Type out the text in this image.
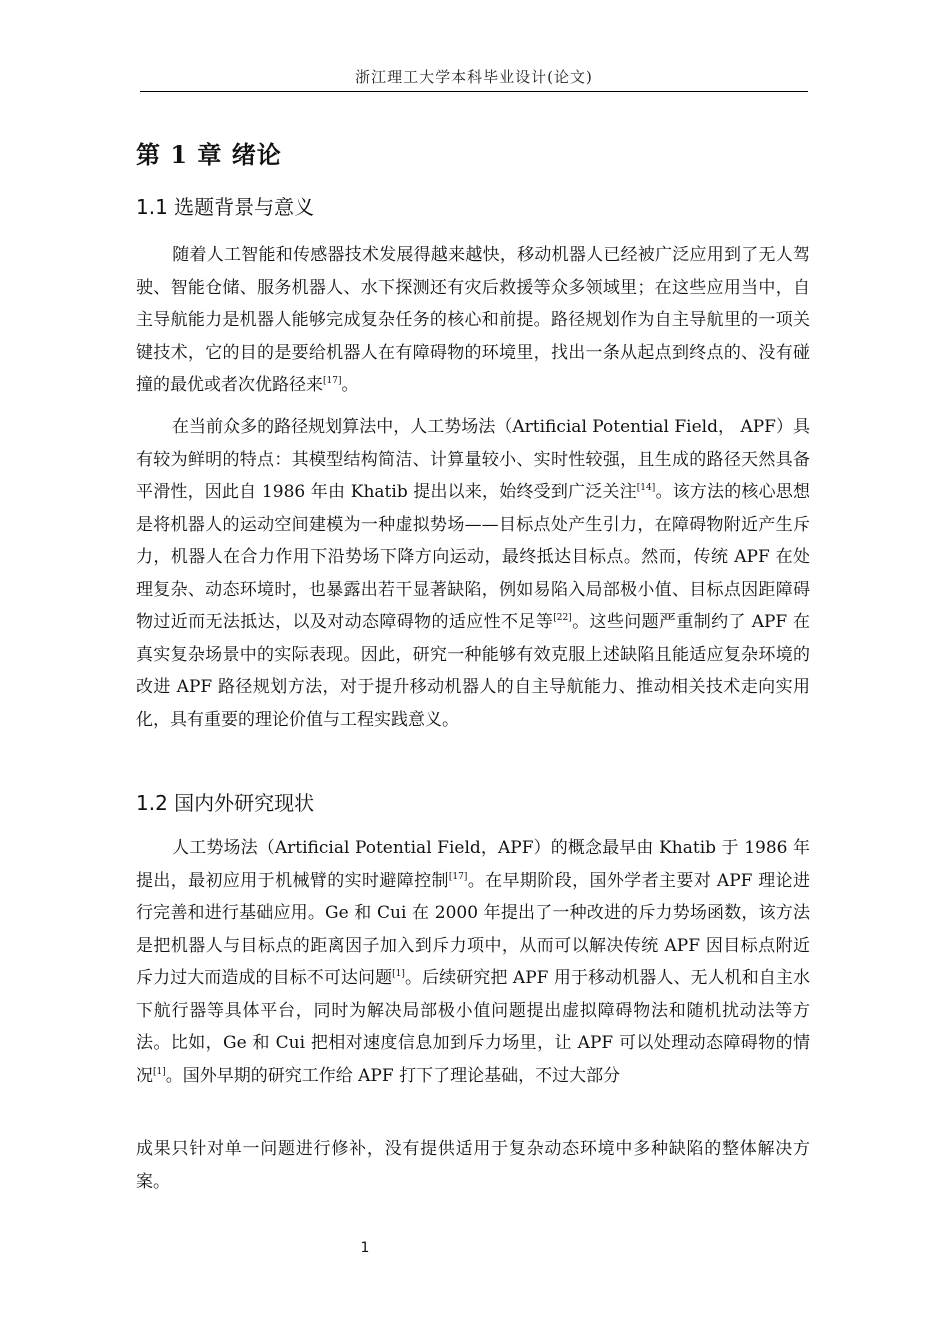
浙江理工大学本科毕业设计(论文)
第 1 章 绪论
1.1 选题背景与意义

随着人工智能和传感器技术发展得越来越快，移动机器人已经被广泛应用到了无人驾驶、智能仓储、服务机器人、水下探测还有灾后救援等众多领域里；在这些应用当中，自主导航能力是机器人能够完成复杂任务的核心和前提。路径规划作为自主导航里的一项关键技术，它的目的是要给机器人在有障碍物的环境里，找出一条从起点到终点的、没有碰撞的最优或者次优路径来[17]。

在当前众多的路径规划算法中，人工势场法（Artificial Potential Field， APF）具有较为鲜明的特点：其模型结构简洁、计算量较小、实时性较强，且生成的路径天然具备平滑性，因此自 1986 年由 Khatib 提出以来，始终受到广泛关注[14]。该方法的核心思想是将机器人的运动空间建模为一种虚拟势场——目标点处产生引力，在障碍物附近产生斥力，机器人在合力作用下沿势场下降方向运动，最终抵达目标点。然而，传统 APF 在处理复杂、动态环境时，也暴露出若干显著缺陷，例如易陷入局部极小值、目标点因距障碍物过近而无法抵达，以及对动态障碍物的适应性不足等[22]。这些问题严重制约了 APF 在真实复杂场景中的实际表现。因此，研究一种能够有效克服上述缺陷且能适应复杂环境的改进 APF 路径规划方法，对于提升移动机器人的自主导航能力、推动相关技术走向实用化，具有重要的理论价值与工程实践意义。

1.2 国内外研究现状

人工势场法（Artificial Potential Field，APF）的概念最早由 Khatib 于 1986 年提出，最初应用于机械臂的实时避障控制[17]。在早期阶段，国外学者主要对 APF 理论进行完善和进行基础应用。Ge 和 Cui 在 2000 年提出了一种改进的斥力势场函数，该方法是把机器人与目标点的距离因子加入到斥力项中，从而可以解决传统 APF 因目标点附近斥力过大而造成的目标不可达问题[1]。后续研究把 APF 用于移动机器人、无人机和自主水下航行器等具体平台，同时为解决局部极小值问题提出虚拟障碍物法和随机扰动法等方法。比如，Ge 和 Cui 把相对速度信息加到斥力场里，让 APF 可以处理动态障碍物的情况[1]。国外早期的研究工作给 APF 打下了理论基础，不过大部分

成果只针对单一问题进行修补，没有提供适用于复杂动态环境中多种缺陷的整体解决方案。

1
